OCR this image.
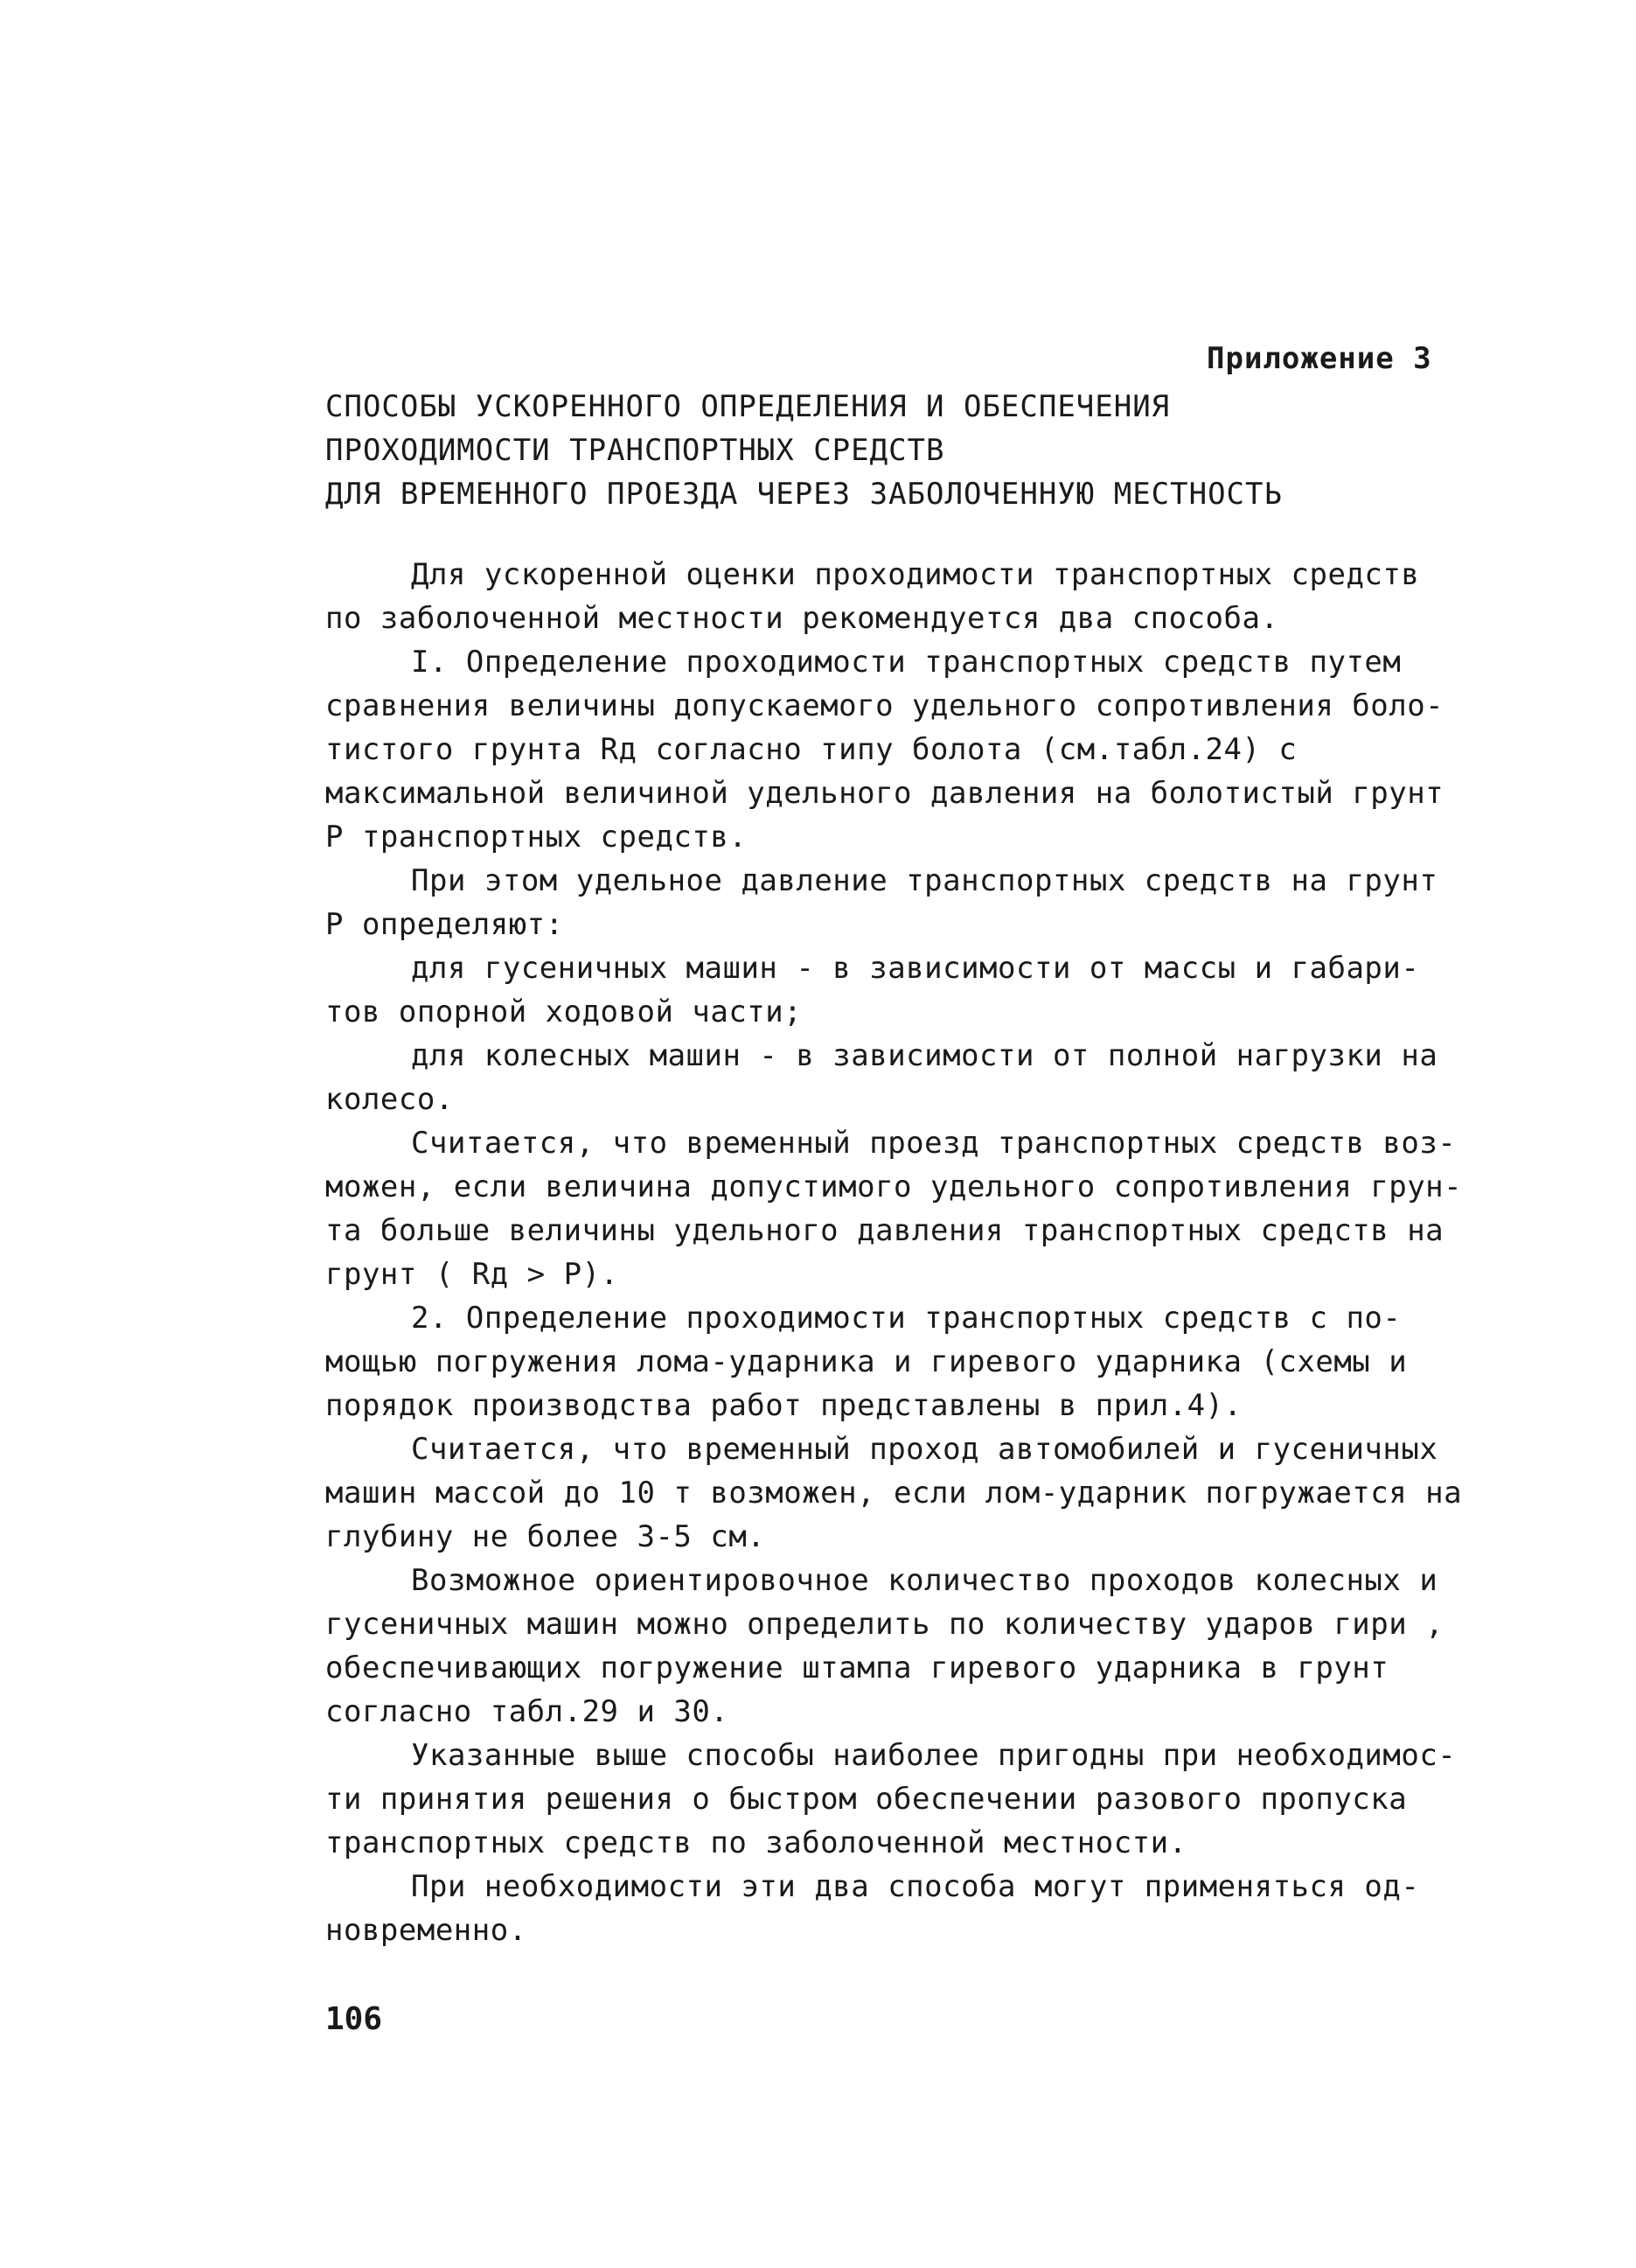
Приложение 3
СПОСОБЫ УСКОРЕННОГО ОПРЕДЕЛЕНИЯ И ОБЕСПЕЧЕНИЯ
ПРОХОДИМОСТИ ТРАНСПОРТНЫХ СРЕДСТВ
ДЛЯ ВРЕМЕННОГО ПРОЕЗДА ЧЕРЕЗ ЗАБОЛОЧЕННУЮ МЕСТНОСТЬ
Для ускоренной оценки проходимости транспортных средств
по заболоченной местности рекомендуется два способа.
I. Определение проходимости транспортных средств путем
сравнения величины допускаемого удельного сопротивления боло-
тистого грунта Rд согласно типу болота (см.табл.24) с
максимальной величиной удельного давления на болотистый грунт
Р транспортных средств.
При этом удельное давление транспортных средств на грунт
Р определяют:
для гусеничных машин - в зависимости от массы и габари-
тов опорной ходовой части;
для колесных машин - в зависимости от полной нагрузки на
колесо.
Считается, что временный проезд транспортных средств воз-
можен, если величина допустимого удельного сопротивления грун-
та больше величины удельного давления транспортных средств на
грунт ( Rд > Р).
2. Определение проходимости транспортных средств с по-
мощью погружения лома-ударника и гиревого ударника (схемы и
порядок производства работ представлены в прил.4).
Считается, что временный проход автомобилей и гусеничных
машин массой до 10 т возможен, если лом-ударник погружается на
глубину не более 3-5 см.
Возможное ориентировочное количество проходов колесных и
гусеничных машин можно определить по количеству ударов гири ,
обеспечивающих погружение штампа гиревого ударника в грунт
согласно табл.29 и 30.
Указанные выше способы наиболее пригодны при необходимос-
ти принятия решения о быстром обеспечении разового пропуска
транспортных средств по заболоченной местности.
При необходимости эти два способа могут применяться од-
новременно.
106
